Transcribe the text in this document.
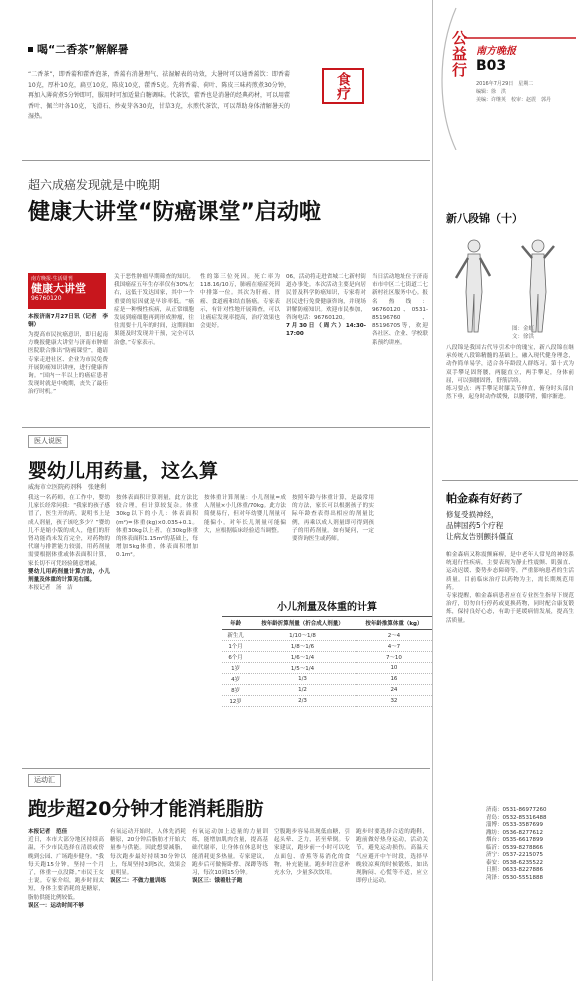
喝“二香茶”解解暑

“二香茶”，即香薷和藿香泡茶，香薷有消暑理气、祛湿解表的功效，大暑时可以通香薷饮：即香薷10克，厚朴10克，扁豆10克，陈皮10克，藿香5克。先将香薷、荷叶、陈皮三味药煎煮30分钟，再加入薄荷煮5分钟即可，服用时可加适量白糖调味。代茶饮，藿香也是消暑的经典药材，可以用藿香叶、佩兰叶各10克，飞滑石、炒麦芽各30克，甘草3克，水煎代茶饮，可以帮助身体清解暑天的湿热。

食疗
超六成癌发现就是中晚期
健康大讲堂“防癌课堂”启动啦
南方晚报·生活周刊
健康大讲堂
96760120

本报济南7月27日讯（记者　李铜）

为提高市民抗癌意识，即日起南方晚报健康大讲堂与济南市肿瘤医院联合推出“防癌课堂”，邀请专家走进社区、企业为市民免费开展防癌知识讲座，进行健康咨询。“国内一半以上的癌症患者发现时就是中晚期，丧失了最佳治疗时机。”

关于恶性肿瘤早期筛查的知识。我国癌症五年生存率仅有30%左右，远低于发达国家，其中一个重要的原因就是早诊率低。“癌症是一种慢性疾病，从正常细胞发展到癌细胞再到形成肿瘤，往往需要十几年的时间，这期间如果能及时发现并干预，完全可以治愈。”专家表示。

性的第三位死因。死亡率为118.16/10万，肺癌在癌症死因中排第一位。其次为肝癌、胃癌、食道癌和结直肠癌。专家表示，有针对性地开展筛查，可以让癌症发现率提高，治疗效果也会更好。

06，活动将走进省城二七新村街道办事处。本次活动主要是向居民普及科学防癌知识，专家将对居民进行免费健康咨询，并现场讲解防癌知识。欢迎市民参加，咨询电话：96760120。
7月30日（周六）14:30-17:00

当日活动地址位于济南市市中区二七街道二七新村社区服务中心。报名热线：96760120、0531-85196760、85196705等，欢迎各社区、企业、学校联系预约讲座。

医人说医
婴幼儿用药量，这么算
威海市立医院药剂科　张建利

我这一名药师，在工作中，婴幼儿家长经常问我：“我家的孩子感冒了，医生开的药，说明书上是成人剂量，孩子该吃多少？”婴幼儿不是缩小版的成人，他们的肝肾功能尚未发育完全，对药物的代谢与排泄能力较弱，用药剂量需要根据体重或体表面积计算，家长切不可凭经验随意增减。
婴幼儿用药剂量计算方法，小儿剂量及体重的计算见右图。
本报记者　汤　洁

按体表面积计算剂量，此方法比较合理，但计算较复杂。体重30kg以下的小儿：体表面积(m²)=体重(kg)×0.035+0.1。体重30kg以上者，在30kg体重的体表面积1.15m²的基础上，每增加5kg体重，体表面积增加0.1m²。

按体重计算剂量：小儿剂量=成人剂量×小儿体重/70kg。此方法简便易行，但对年幼婴儿剂量可能偏小，对年长儿剂量可能偏大，应根据临床经验适当调整。

按照年龄与体重计算，是最常用的方法，家长可以根据孩子的实际年龄查表得出相应的剂量比例，再乘以成人剂量即可得到孩子的用药剂量。如有疑问，一定要咨询医生或药师。

小儿剂量及体重的计算
年龄	按年龄折算剂量（折合成人剂量）	按年龄推算体重（kg）
新生儿	1/10～1/8	2～4
1个月	1/8～1/6	4～7
6个月	1/6～1/4	7～10
1岁	1/5～1/4	10
4岁	1/3	16
8岁	1/2	24
12岁	2/3	32
运动汇
跑步超20分钟才能消耗脂肪

本报记者　范佳
近日，本市大部分地区持续高温，不少市民选择在清晨或傍晚到公园、广场跑步健身。“我每天跑15分钟，坚持一个月了，体重一点没降。”市民王女士说。专家介绍，跑步时间太短，身体主要消耗的是糖原，脂肪供能比例较低。
误区一：运动时间不够

有氧运动开始时，人体先消耗糖原，20分钟后脂肪才开始大量参与供能。因此想要减脂，每次跑步最好持续30分钟以上，每周坚持3到5次，效果会更明显。
误区二：不做力量训练

有氧运动加上适量的力量训练，能增加肌肉含量，提高基础代谢率，让身体在休息时也能消耗更多热量。专家建议，跑步后可做俯卧撑、深蹲等练习，每次10到15分钟。
误区三：饿着肚子跑

空腹跑步容易出现低血糖，引起头晕、乏力，甚至晕倒。专家建议，跑步前一小时可以吃点面包、香蕉等易消化的食物，补充能量。跑步时注意补充水分，少量多次饮用。

跑步时要选择合适的跑鞋，跑前做好热身运动，活动关节，避免运动损伤。高温天气应避开中午时段，选择早晚较凉爽的时候锻炼，如出现胸闷、心慌等不适，应立即停止运动。

公益行 南方晚报
B03
2016年7月29日　星期二
编辑：徐　洪
美编：许继英　校审：赵震　郭丹
新八段锦（十）
图：金虹
文：徐洪

八段锦是我国古代导引术中的瑰宝，新八段锦在继承传统八段锦精髓的基础上，融入现代健身理念，动作简单易学，适合各年龄段人群练习。第十式为双手攀足固肾腰，两腿直立，两手攀足，身体前屈，可以强腰固肾，舒筋活络。
练习要点：两手攀足时膝关节伸直，俯身时头部自然下垂，起身时动作缓慢，以腰带臂，循序渐进。

帕金森有好药了
修复受损神经，
品牌国药5个疗程
让病友告别颤抖僵直

帕金森病又称震颤麻痹，是中老年人常见的神经系统退行性疾病，主要表现为静止性震颤、肌强直、运动迟缓、姿势步态障碍等，严重影响患者的生活质量。目前临床治疗以药物为主，需长期规范用药。
专家提醒，帕金森病患者应在专业医生指导下规范治疗，切勿自行停药或更换药物，同时配合康复锻炼，保持良好心态，有助于延缓病情发展，提高生活质量。

济南：0531-86977260
青岛：0532-85316488
淄博：0533-3587699
潍坊：0536-8277612
烟台：0535-6617899
临沂：0539-8278866
济宁：0537-2215075
泰安：0538-6235522
日照：0633-8227886
菏泽：0530-5551888
